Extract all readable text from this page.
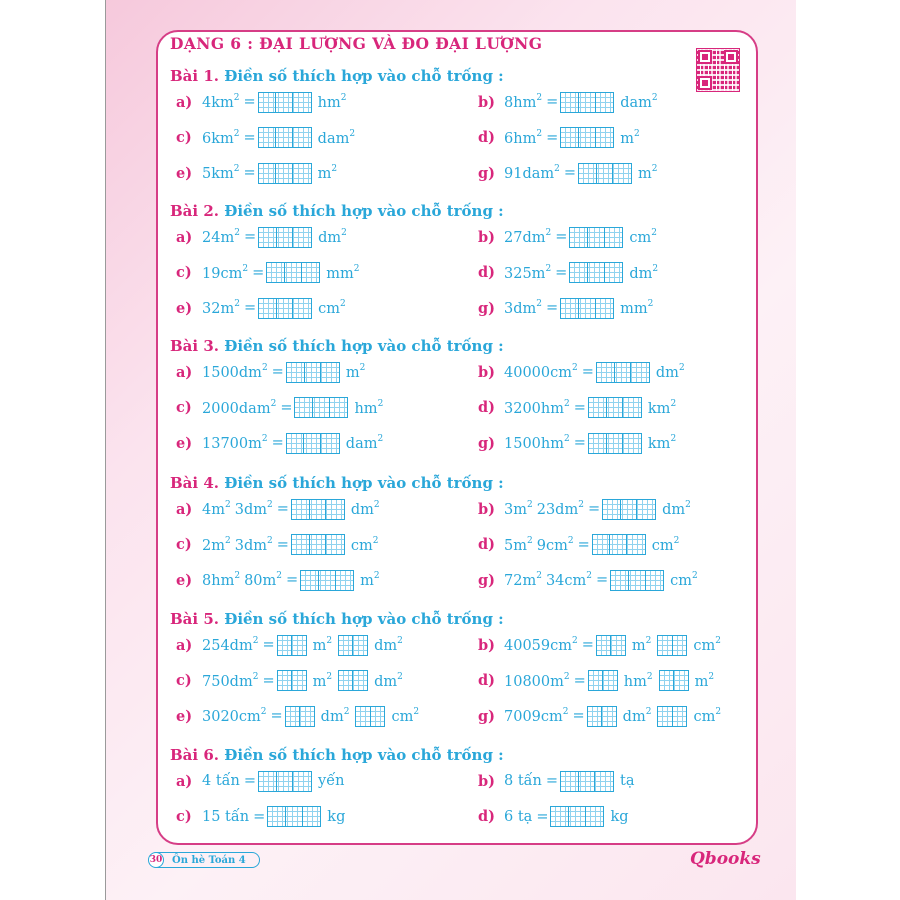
DẠNG 6 : ĐẠI LƯỢNG VÀ ĐO ĐẠI LƯỢNG
Bài 1. Điền số thích hợp vào chỗ trống :
a) $4km^2$ =	$hm^2$	b) $8hm^2$ =	dam$^2$
c) $6km^2$ =	dam$^2$	d) $6hm^2$ =	$m^2$
e) $5km^2$ =	$m^2$	g) 91dam$^2$ =	$m^2$
Bài 2. Điền số thích hợp vào chỗ trống :
a) $24m^2$ =	$dm^2$	b) $27dm^2$ =	$cm^2$
c) $19cm^2$ =	$mm^2$	d) $325m^2$ =	$dm^2$
e) $32m^2$ =	$cm^2$	g) $3dm^2$ =	$mm^2$
Bài 3. Điền số thích hợp vào chỗ trống :
a) $1500dm^2$ =	$m^2$	b) $40000cm^2$ =	$dm^2$
c) 2000dam$^2$ =	$hm^2$	d) $3200hm^2$ =	$km^2$
e) $13700m^2$ =	dam$^2$	g) $1500hm^2$ =	$km^2$
Bài 4. Điền số thích hợp vào chỗ trống :
a) $4m^2$ $3dm^2$ =	$dm^2$	b) $3m^2$ $23dm^2$ =	$dm^2$
c) $2m^2$ $3dm^2$ =	$cm^2$	d) $5m^2$ $9cm^2$ =	$cm^2$
e) $8hm^2$ $80m^2$ =	$m^2$	g) $72m^2$ $34cm^2$ =	$cm^2$
Bài 5. Điền số thích hợp vào chỗ trống :
a) $254dm^2$ =	$m^2$	$dm^2$	b) $40059cm^2$ =	$m^2$	$cm^2$
c) $750dm^2$ =	$m^2$	$dm^2$	d) $10800m^2$ =	$hm^2$	$m^2$
e) $3020cm^2$ =	$dm^2$	$cm^2$	g) $7009cm^2$ =	$dm^2$	$cm^2$
Bài 6. Điền số thích hợp vào chỗ trống :
a) 4 tấn =	yến	b) 8 tấn =	tạ
c) 15 tấn =	kg	d) 6 tạ =	kg
30 Ôn hè Toán 4	Qbooks
